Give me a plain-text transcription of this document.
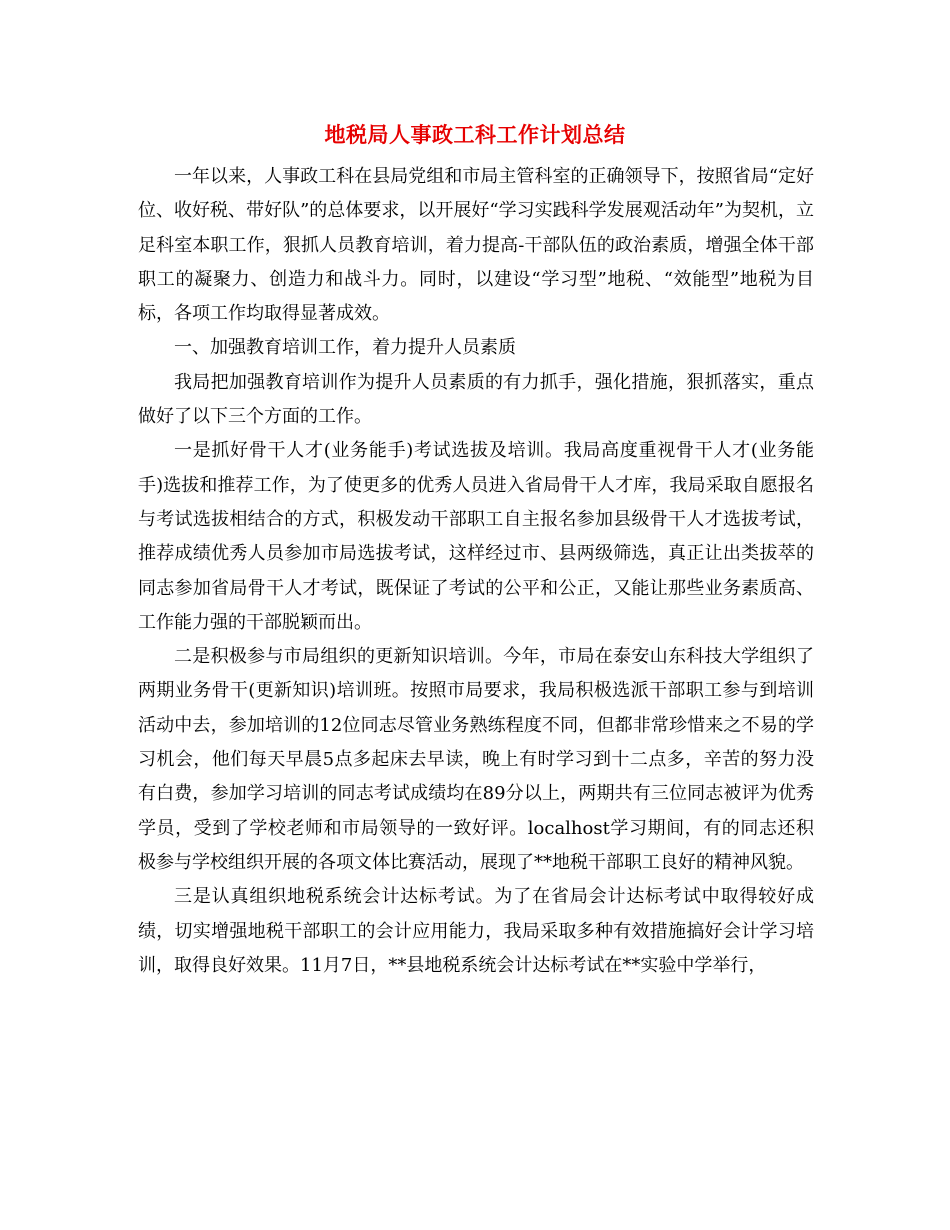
地税局人事政工科工作计划总结

一年以来，人事政工科在县局党组和市局主管科室的正确领导下，按照省局“定好位、收好税、带好队”的总体要求，以开展好“学习实践科学发展观活动年”为契机，立足科室本职工作，狠抓人员教育培训，着力提高-干部队伍的政治素质，增强全体干部职工的凝聚力、创造力和战斗力。同时，以建设“学习型”地税、“效能型”地税为目标，各项工作均取得显著成效。

一、加强教育培训工作，着力提升人员素质

我局把加强教育培训作为提升人员素质的有力抓手，强化措施，狠抓落实，重点做好了以下三个方面的工作。

一是抓好骨干人才(业务能手)考试选拔及培训。我局高度重视骨干人才(业务能手)选拔和推荐工作，为了使更多的优秀人员进入省局骨干人才库，我局采取自愿报名与考试选拔相结合的方式，积极发动干部职工自主报名参加县级骨干人才选拔考试，推荐成绩优秀人员参加市局选拔考试，这样经过市、县两级筛选，真正让出类拔萃的同志参加省局骨干人才考试，既保证了考试的公平和公正，又能让那些业务素质高、工作能力强的干部脱颖而出。

二是积极参与市局组织的更新知识培训。今年，市局在泰安山东科技大学组织了两期业务骨干(更新知识)培训班。按照市局要求，我局积极选派干部职工参与到培训活动中去，参加培训的12位同志尽管业务熟练程度不同，但都非常珍惜来之不易的学习机会，他们每天早晨5点多起床去早读，晚上有时学习到十二点多，辛苦的努力没有白费，参加学习培训的同志考试成绩均在89分以上，两期共有三位同志被评为优秀学员，受到了学校老师和市局领导的一致好评。localhost学习期间，有的同志还积极参与学校组织开展的各项文体比赛活动，展现了**地税干部职工良好的精神风貌。

三是认真组织地税系统会计达标考试。为了在省局会计达标考试中取得较好成绩，切实增强地税干部职工的会计应用能力，我局采取多种有效措施搞好会计学习培训，取得良好效果。11月7日，**县地税系统会计达标考试在**实验中学举行，
